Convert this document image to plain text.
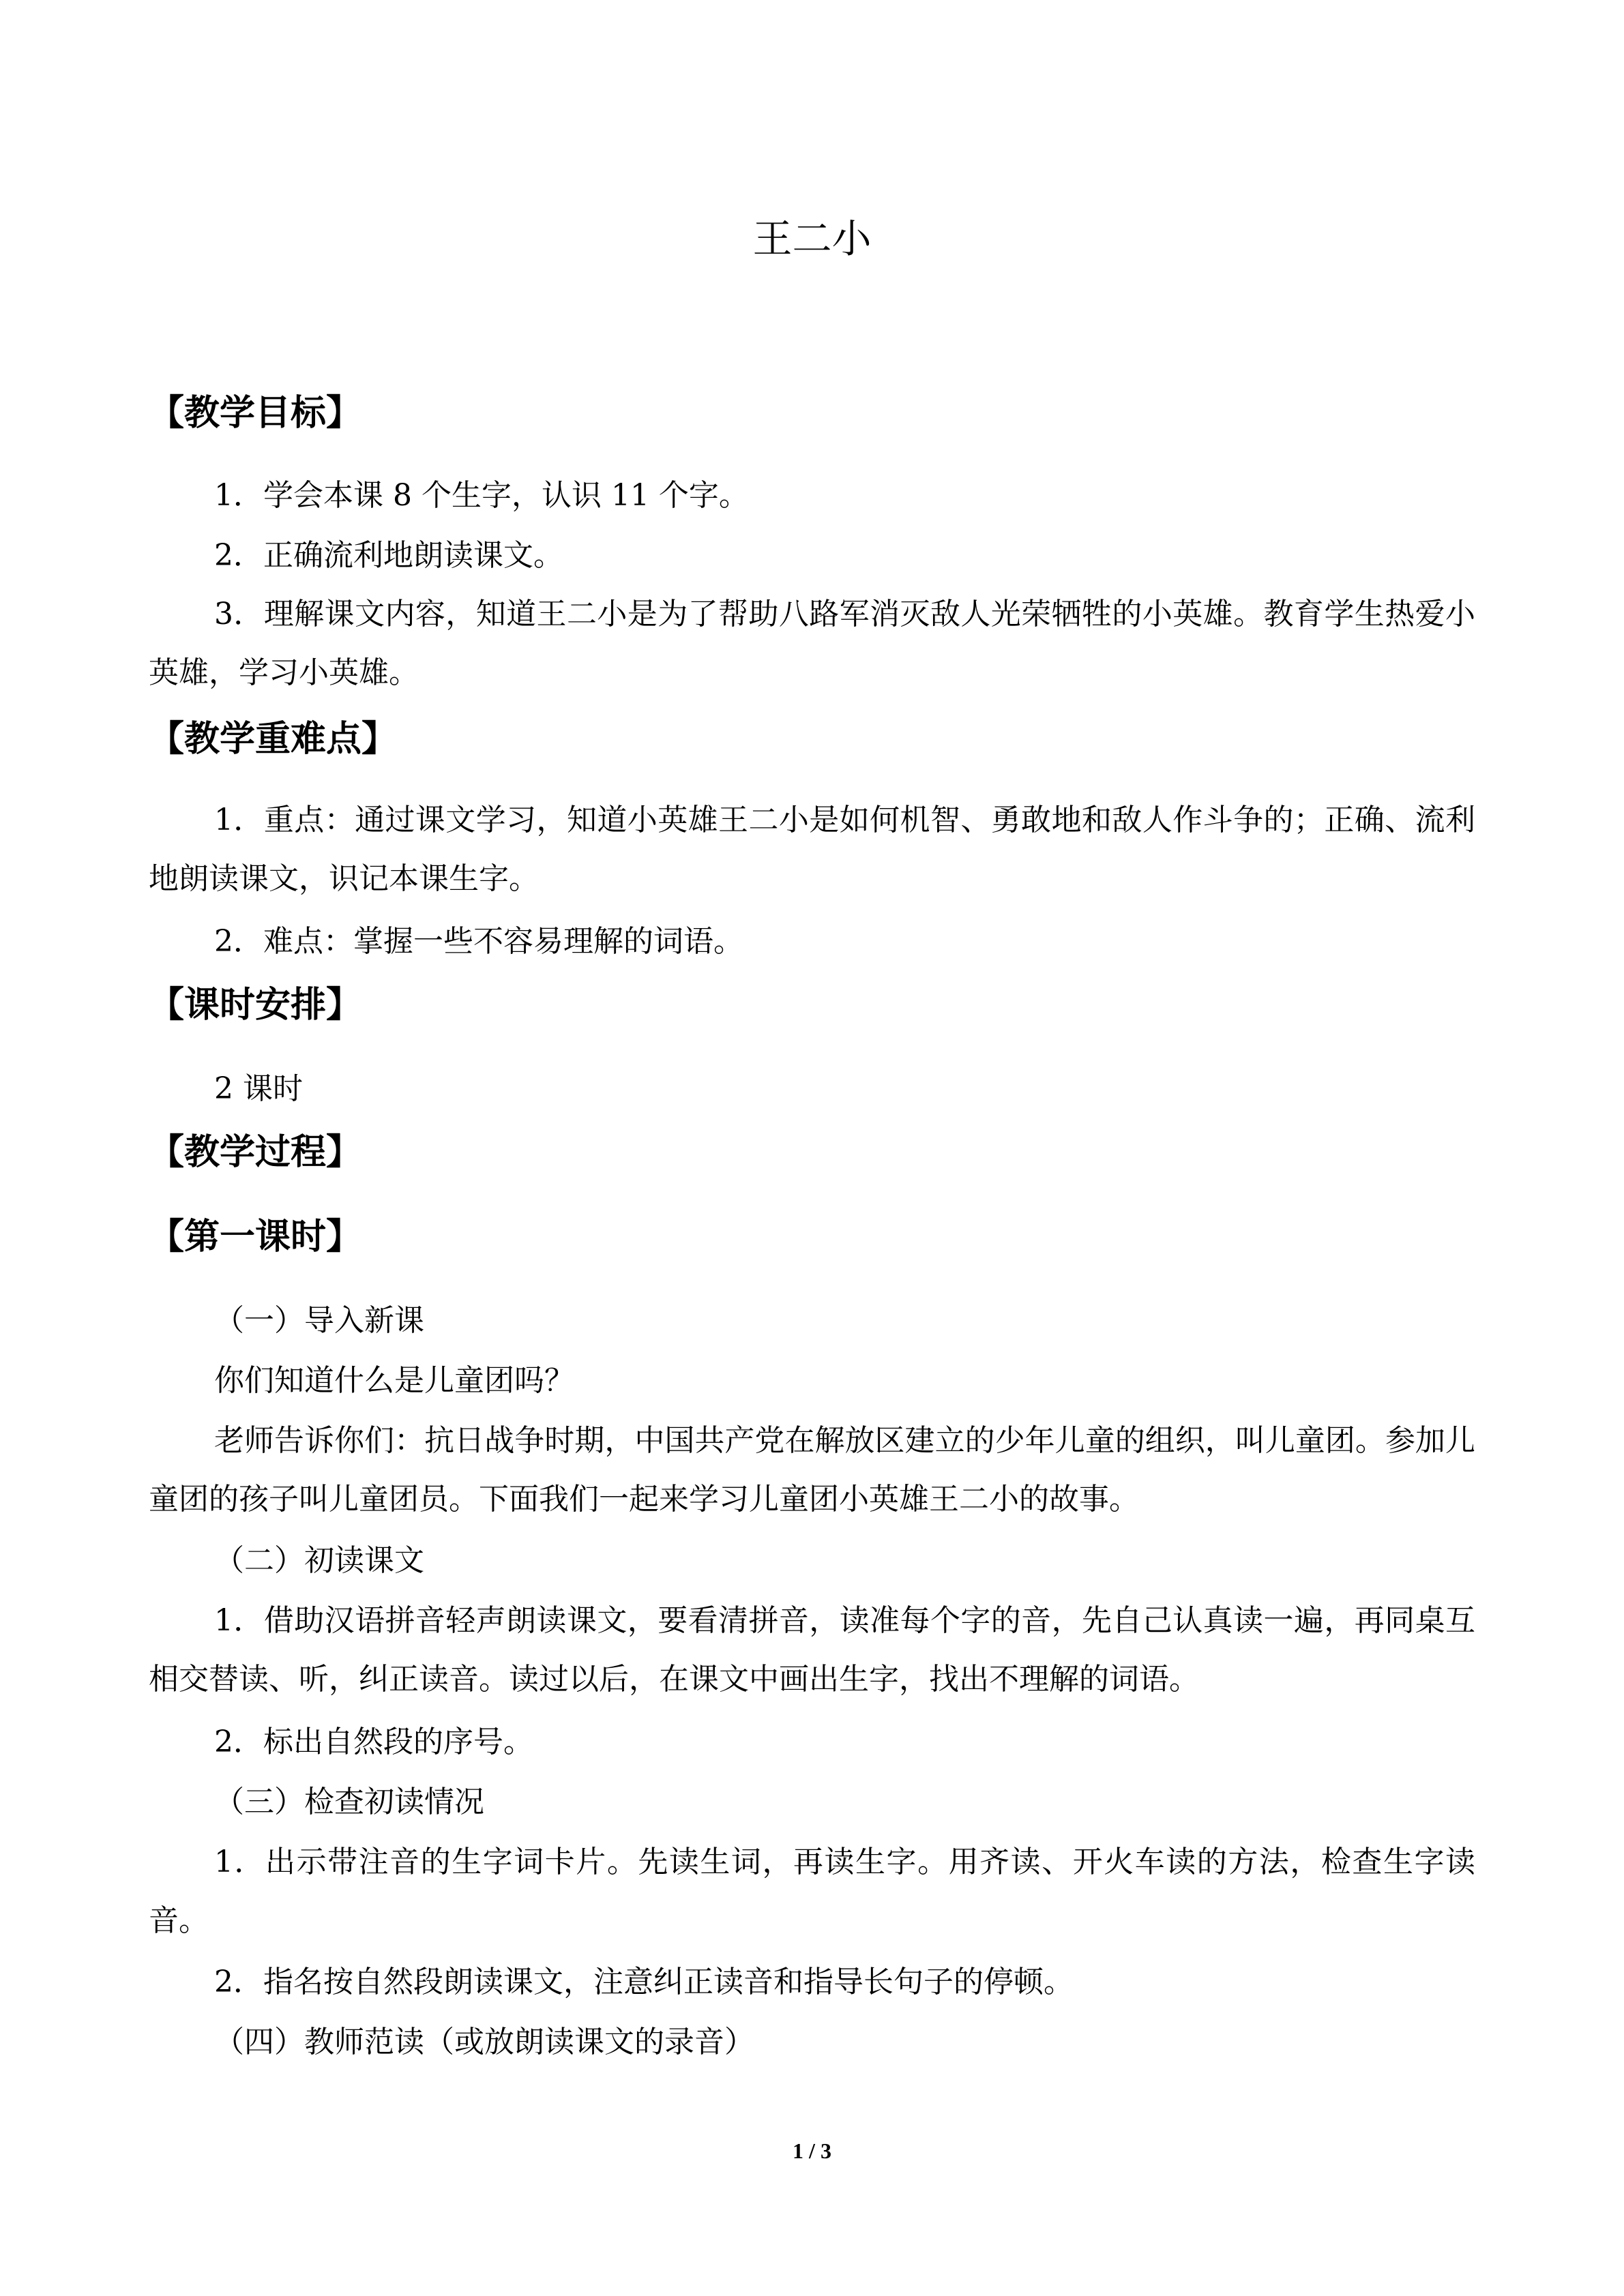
王二小
【教学目标】

1．学会本课 8 个生字，认识 11 个字。

2．正确流利地朗读课文。

3．理解课文内容，知道王二小是为了帮助八路军消灭敌人光荣牺牲的小英雄。教育学生热爱小英雄，学习小英雄。

【教学重难点】

1．重点：通过课文学习，知道小英雄王二小是如何机智、勇敢地和敌人作斗争的；正确、流利地朗读课文，识记本课生字。

2．难点：掌握一些不容易理解的词语。

【课时安排】

2 课时

【教学过程】
【第一课时】

（一）导入新课

你们知道什么是儿童团吗？

老师告诉你们：抗日战争时期，中国共产党在解放区建立的少年儿童的组织，叫儿童团。参加儿童团的孩子叫儿童团员。下面我们一起来学习儿童团小英雄王二小的故事。

（二）初读课文

1．借助汉语拼音轻声朗读课文，要看清拼音，读准每个字的音，先自己认真读一遍，再同桌互相交替读、听，纠正读音。读过以后，在课文中画出生字，找出不理解的词语。

2．标出自然段的序号。

（三）检查初读情况

1．出示带注音的生字词卡片。先读生词，再读生字。用齐读、开火车读的方法，检查生字读音。

2．指名按自然段朗读课文，注意纠正读音和指导长句子的停顿。

（四）教师范读（或放朗读课文的录音）

1 / 3
